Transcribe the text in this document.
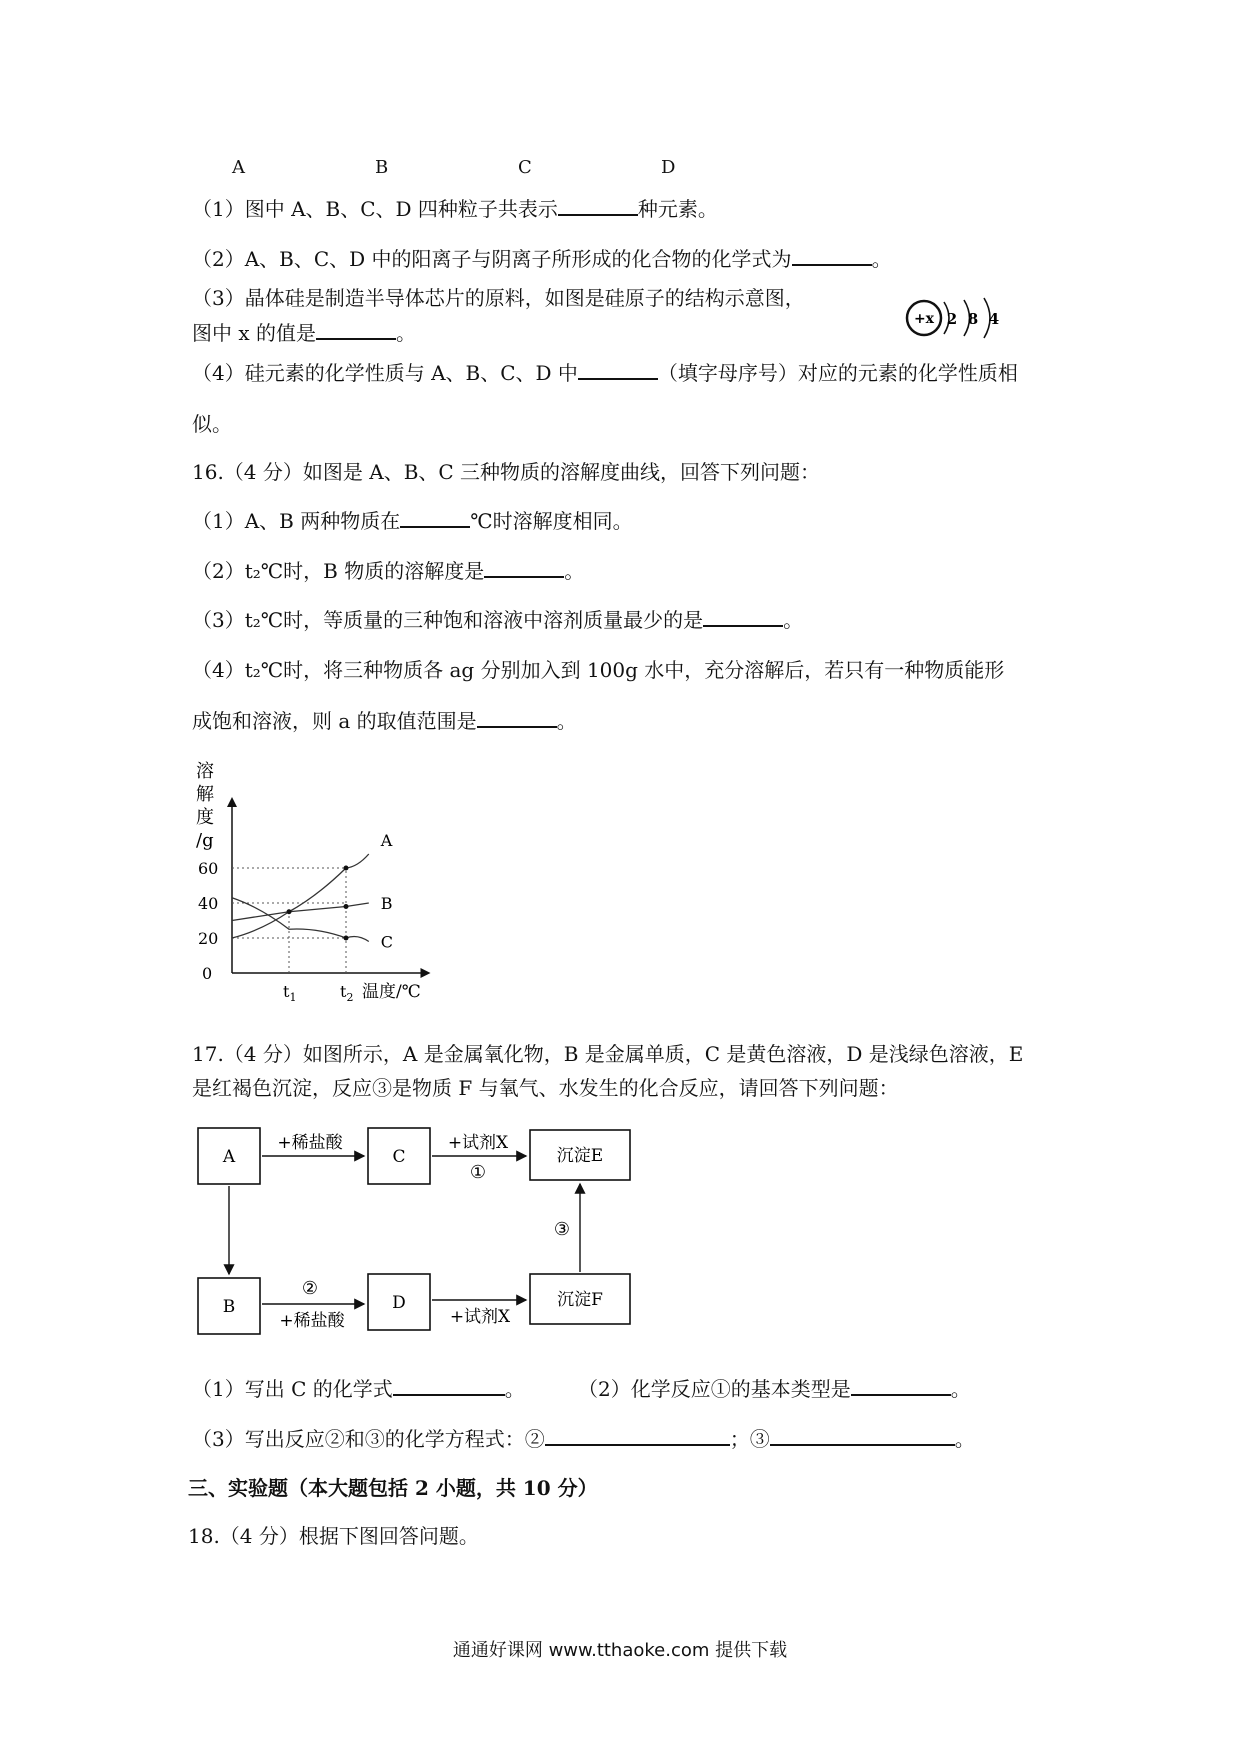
A	B	C	D
（1）图中 A、B、C、D 四种粒子共表示	种元素。
（2）A、B、C、D 中的阳离子与阴离子所形成的化合物的化学式为	。
（3）晶体硅是制造半导体芯片的原料，如图是硅原子的结构示意图，
图中 x 的值是	。
+x 2 8 4
（4）硅元素的化学性质与 A、B、C、D 中	（填字母序号）对应的元素的化学性质相
似。
16.（4 分）如图是 A、B、C 三种物质的溶解度曲线，回答下列问题：
（1）A、B 两种物质在	℃时溶解度相同。
（2）t₂℃时，B 物质的溶解度是	。
（3）t₂℃时，等质量的三种饱和溶液中溶剂质量最少的是	。
（4）t₂℃时，将三种物质各 ag 分别加入到 100g 水中，充分溶解后，若只有一种物质能形
成饱和溶液，则 a 的取值范围是	。
溶
解
度
/g
0
20
40
60
$t_1$	$t_2$ 温度/℃
A
B
C
17.（4 分）如图所示，A 是金属氧化物，B 是金属单质，C 是黄色溶液，D 是浅绿色溶液，E
是红褐色沉淀，反应③是物质 F 与氧气、水发生的化合反应，请回答下列问题：
A	C	沉淀E
B	D	沉淀F
+稀盐酸	+试剂X
①
②
+稀盐酸	+试剂X
③
（1）写出 C 的化学式	。	（2）化学反应①的基本类型是	。
（3）写出反应②和③的化学方程式：②	；③	。
三、实验题（本大题包括 2 小题，共 10 分）
18.（4 分）根据下图回答问题。
通通好课网 www.tthaoke.com 提供下载
